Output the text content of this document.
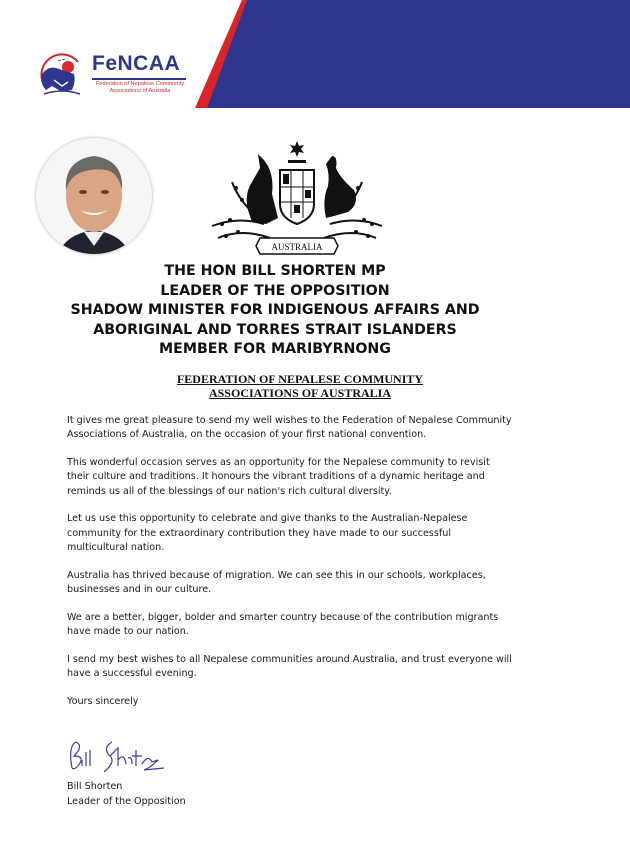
FeNCAA
Federation of Nepalese Community
Associations of Australia
AUSTRALIA
THE HON BILL SHORTEN MP
LEADER OF THE OPPOSITION
SHADOW MINISTER FOR INDIGENOUS AFFAIRS AND
ABORIGINAL AND TORRES STRAIT ISLANDERS
MEMBER FOR MARIBYRNONG
FEDERATION OF NEPALESE COMMUNITY
ASSOCIATIONS OF AUSTRALIA

It gives me great pleasure to send my well wishes to the Federation of Nepalese Community
Associations of Australia, on the occasion of your first national convention.

This wonderful occasion serves as an opportunity for the Nepalese community to revisit
their culture and traditions. It honours the vibrant traditions of a dynamic heritage and
reminds us all of the blessings of our nation's rich cultural diversity.

Let us use this opportunity to celebrate and give thanks to the Australian-Nepalese
community for the extraordinary contribution they have made to our successful
multicultural nation.

Australia has thrived because of migration. We can see this in our schools, workplaces,
businesses and in our culture.

We are a better, bigger, bolder and smarter country because of the contribution migrants
have made to our nation.

I send my best wishes to all Nepalese communities around Australia, and trust everyone will
have a successful evening.

Yours sincerely

Bill Shorten
Leader of the Opposition
